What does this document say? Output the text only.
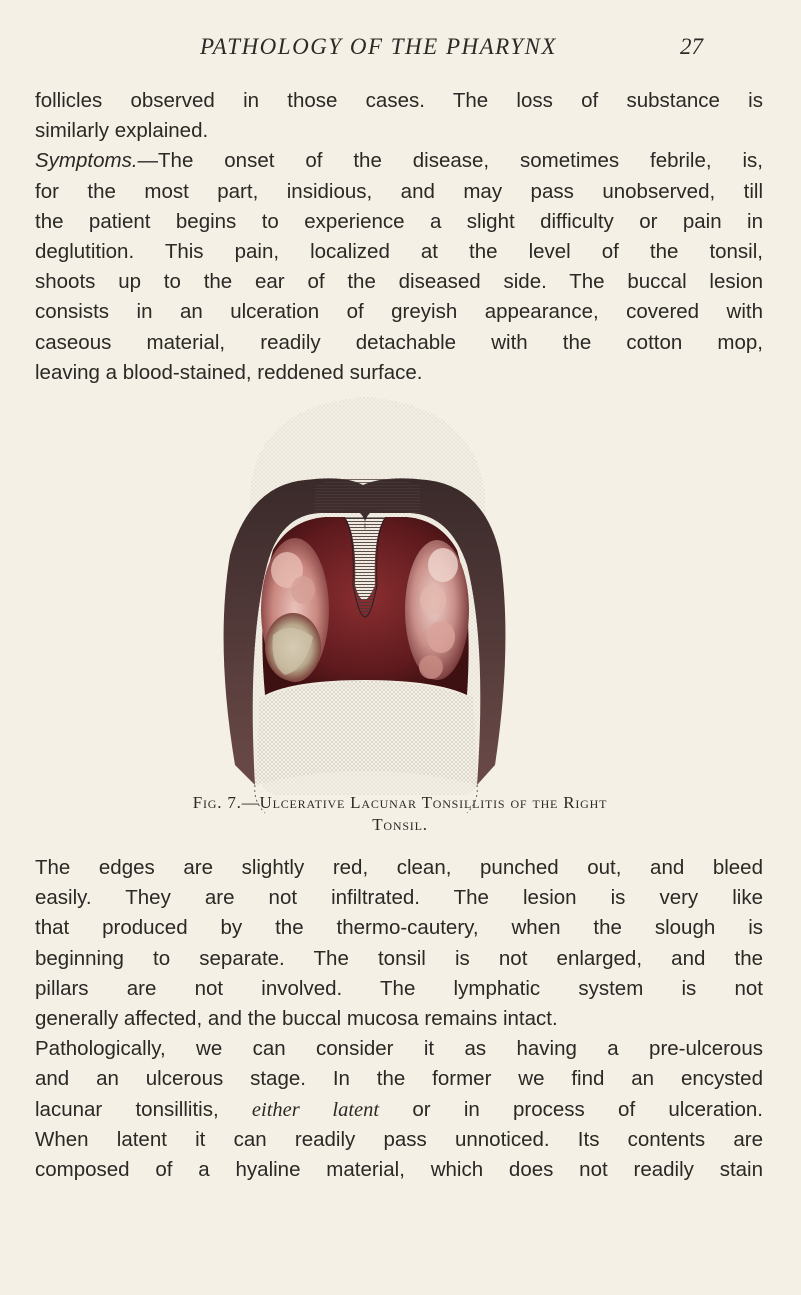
PATHOLOGY OF THE PHARYNX	27
follicles observed in those cases. The loss of substance is
similarly explained.
Symptoms.—The onset of the disease, sometimes febrile, is,
for the most part, insidious, and may pass unobserved, till
the patient begins to experience a slight difficulty or pain in
deglutition. This pain, localized at the level of the tonsil,
shoots up to the ear of the diseased side. The buccal lesion
consists in an ulceration of greyish appearance, covered with
caseous material, readily detachable with the cotton mop,
leaving a blood-stained, reddened surface.
Fig. 7.—Ulcerative Lacunar Tonsillitis of the Right
Tonsil.
The edges are slightly red, clean, punched out, and bleed
easily. They are not infiltrated. The lesion is very like
that produced by the thermo-cautery, when the slough is
beginning to separate. The tonsil is not enlarged, and the
pillars are not involved. The lymphatic system is not
generally affected, and the buccal mucosa remains intact.
Pathologically, we can consider it as having a pre-ulcerous
and an ulcerous stage. In the former we find an encysted
lacunar tonsillitis, either latent or in process of ulceration.
When latent it can readily pass unnoticed. Its contents are
composed of a hyaline material, which does not readily stain
